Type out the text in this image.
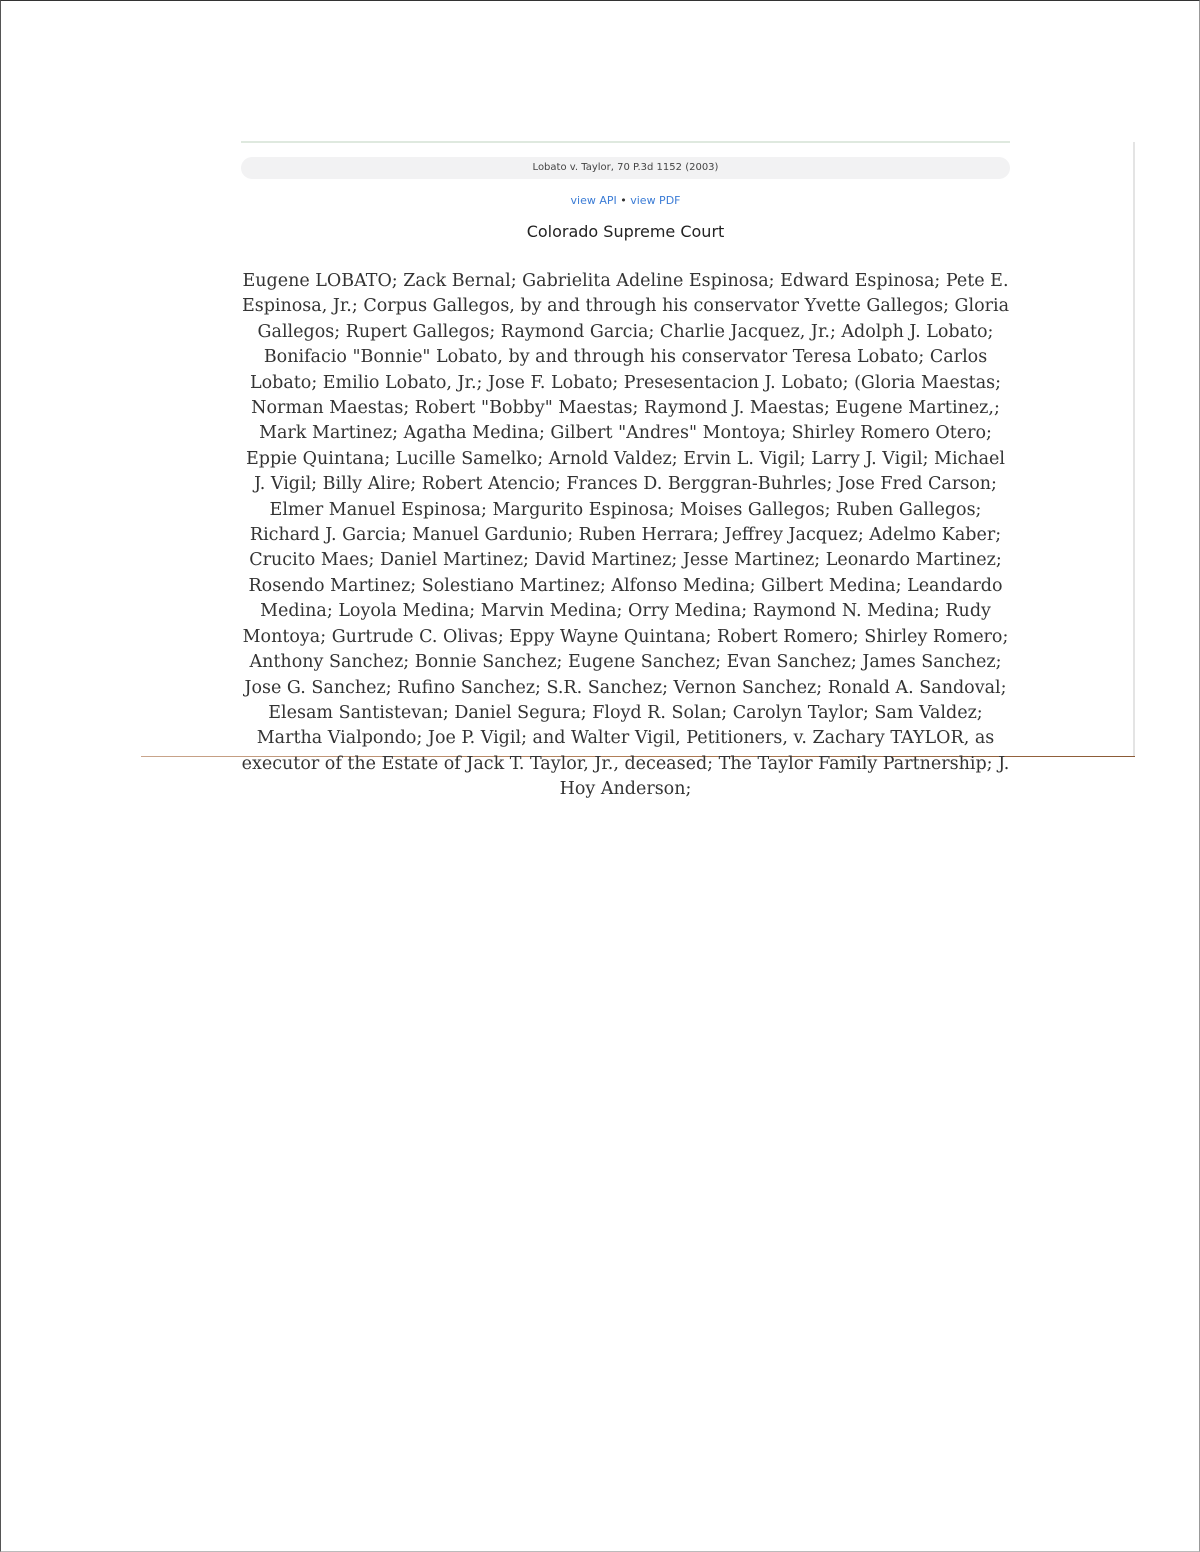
Lobato v. Taylor, 70 P.3d 1152 (2003)
view API • view PDF
Colorado Supreme Court

Eugene LOBATO; Zack Bernal; Gabrielita Adeline Espinosa; Edward Espinosa; Pete E. Espinosa, Jr.; Corpus Gallegos, by and through his conservator Yvette Gallegos; Gloria Gallegos; Rupert Gallegos; Raymond Garcia; Charlie Jacquez, Jr.; Adolph J. Lobato; Bonifacio "Bonnie" Lobato, by and through his conservator Teresa Lobato; Carlos Lobato; Emilio Lobato, Jr.; Jose F. Lobato; Presesentacion J. Lobato; (Gloria Maestas; Norman Maestas; Robert "Bobby" Maestas; Raymond J. Maestas; Eugene Martinez,; Mark Martinez; Agatha Medina; Gilbert "Andres" Montoya; Shirley Romero Otero; Eppie Quintana; Lucille Samelko; Arnold Valdez; Ervin L. Vigil; Larry J. Vigil; Michael J. Vigil; Billy Alire; Robert Atencio; Frances D. Berggran-Buhrles; Jose Fred Carson; Elmer Manuel Espinosa; Margurito Espinosa; Moises Gallegos; Ruben Gallegos; Richard J. Garcia; Manuel Gardunio; Ruben Herrara; Jeffrey Jacquez; Adelmo Kaber; Crucito Maes; Daniel Martinez; David Martinez; Jesse Martinez; Leonardo Martinez; Rosendo Martinez; Solestiano Martinez; Alfonso Medina; Gilbert Medina; Leandardo Medina; Loyola Medina; Marvin Medina; Orry Medina; Raymond N. Medina; Rudy Montoya; Gurtrude C. Olivas; Eppy Wayne Quintana; Robert Romero; Shirley Romero; Anthony Sanchez; Bonnie Sanchez; Eugene Sanchez; Evan Sanchez; James Sanchez; Jose G. Sanchez; Rufino Sanchez; S.R. Sanchez; Vernon Sanchez; Ronald A. Sandoval; Elesam Santistevan; Daniel Segura; Floyd R. Solan; Carolyn Taylor; Sam Valdez; Martha Vialpondo; Joe P. Vigil; and Walter Vigil, Petitioners, v. Zachary TAYLOR, as executor of the Estate of Jack T. Taylor, Jr., deceased; The Taylor Family Partnership; J. Hoy Anderson;
